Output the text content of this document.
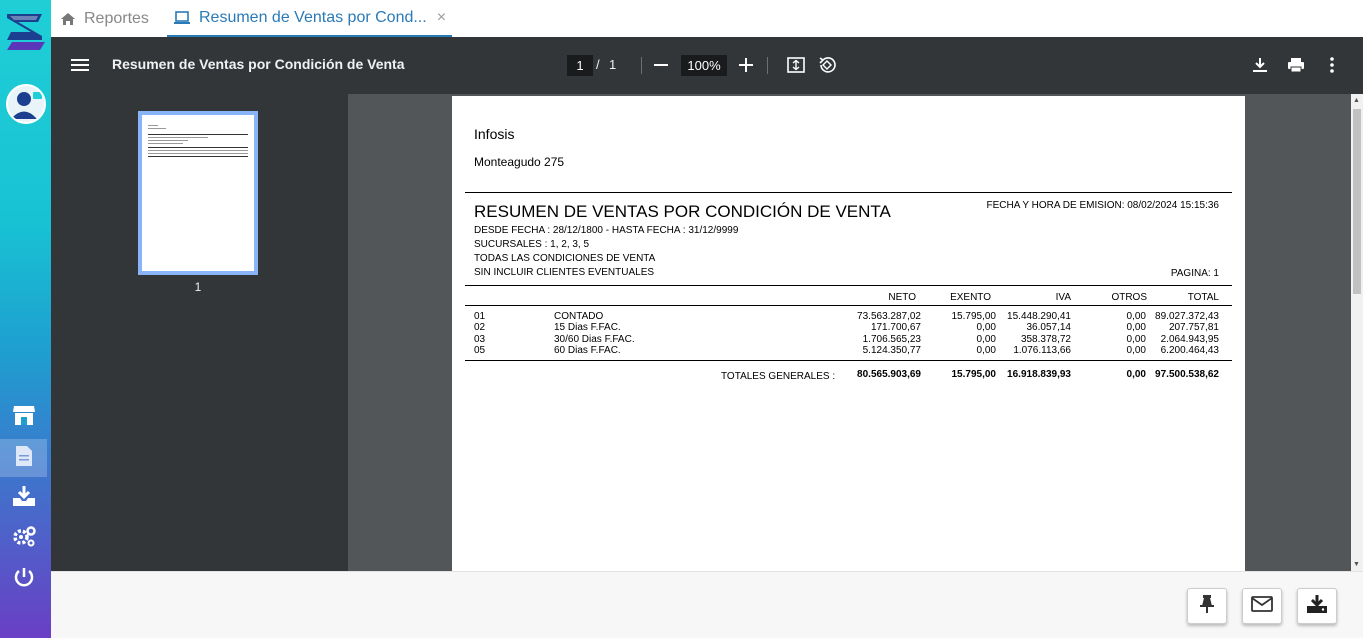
Reportes	Resumen de Ventas por Cond... ×
Resumen de Ventas por Condición de Venta	1 / 1	100%
1
Infosis
Monteagudo 275
RESUMEN DE VENTAS POR CONDICIÓN DE VENTA	FECHA Y HORA DE EMISION: 08/02/2024 15:15:36
DESDE FECHA : 28/12/1800 - HASTA FECHA : 31/12/9999
SUCURSALES : 1, 2, 3, 5
TODAS LAS CONDICIONES DE VENTA
SIN INCLUIR CLIENTES EVENTUALES	PAGINA: 1
NETO	EXENTO	IVA	OTROS	TOTAL
01	CONTADO	73.563.287,02	15.795,00	15.448.290,41	0,00 89.027.372,43
02	15 Dias F.FAC.	171.700,67	0,00	36.057,14	0,00	207.757,81
03	30/60 Dias F.FAC.	1.706.565,23	0,00	358.378,72	0,00	2.064.943,95
05	60 Dias F.FAC.	5.124.350,77	0,00	1.076.113,66	0,00	6.200.464,43
TOTALES GENERALES :	80.565.903,69	15.795,00	16.918.839,93	0,00 97.500.538,62
▲
▼
